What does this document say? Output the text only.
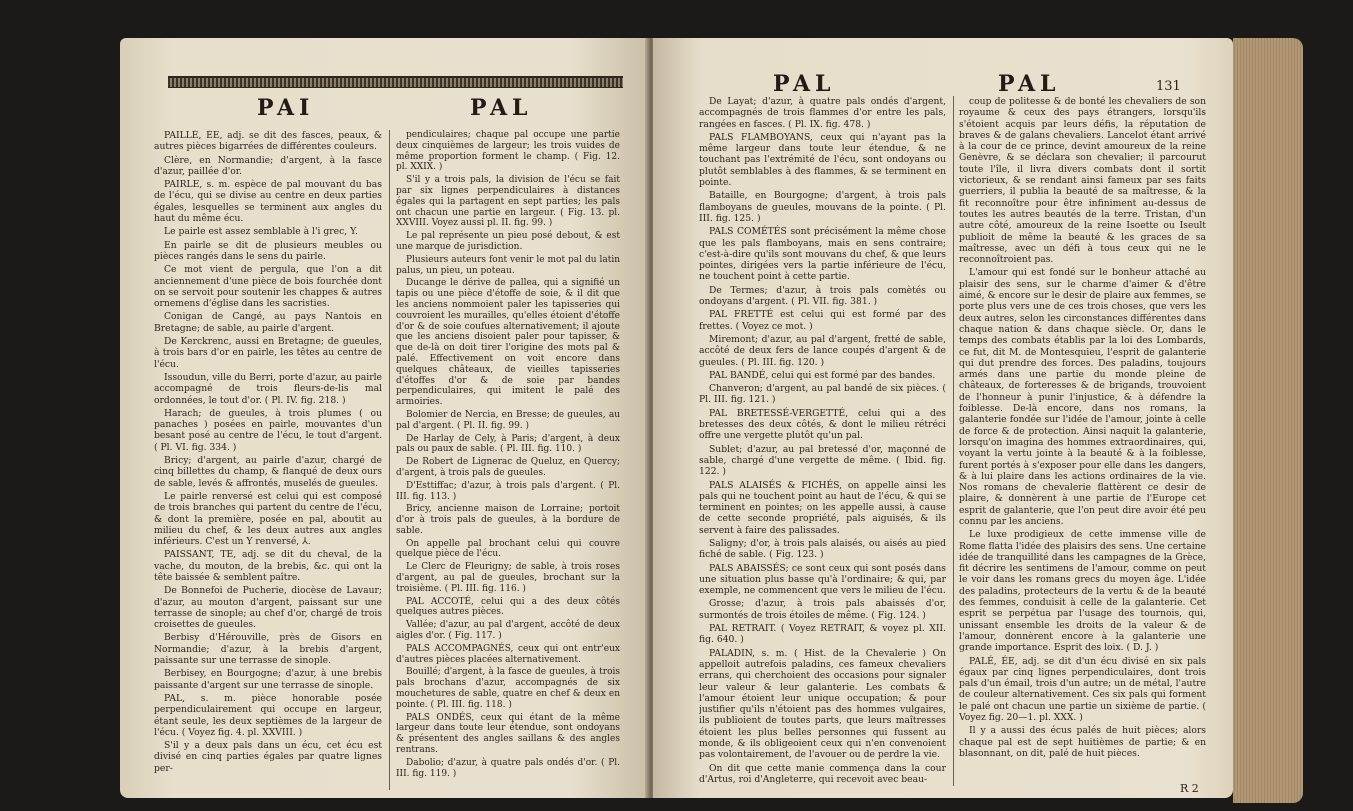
PAI	PAL

PAILLÉ, ÉE, adj. se dit des fasces, peaux, & autres pièces bigarrées de différentes couleurs.

Clère, en Normandie; d'argent, à la fasce d'azur, paillée d'or.

PAIRLE, s. m. espèce de pal mouvant du bas de l'écu, qui se divise au centre en deux parties égales, lesquelles se terminent aux angles du haut du même écu.

Le pairle est assez semblable à l'i grec, Y.

En pairle se dit de plusieurs meubles ou pièces rangés dans le sens du pairle.

Ce mot vient de pergula, que l'on a dit anciennement d'une pièce de bois fourchée dont on se servoit pour soutenir les chappes & autres ornemens d'église dans les sacristies.

Conigan de Cangé, au pays Nantois en Bretagne; de sable, au pairle d'argent.

De Kerckrenc, aussi en Bretagne; de gueules, à trois bars d'or en pairle, les têtes au centre de l'écu.

Issoudun, ville du Berri, porte d'azur, au pairle accompagné de trois fleurs-de-lis mal ordonnées, le tout d'or. ( Pl. IV. fig. 218. )

Harach; de gueules, à trois plumes ( ou panaches ) posées en pairle, mouvantes d'un besant posé au centre de l'écu, le tout d'argent. ( Pl. VI. fig. 334. )

Bricy; d'argent, au pairle d'azur, chargé de cinq billettes du champ, & flanqué de deux ours de sable, levés & affrontés, muselés de gueules.

Le pairle renversé est celui qui est composé de trois branches qui partent du centre de l'écu, & dont la première, posée en pal, aboutit au milieu du chef, & les deux autres aux angles inférieurs. C'est un Y renversé, ⅄.

PAISSANT, TE, adj. se dit du cheval, de la vache, du mouton, de la brebis, &c. qui ont la tête baissée & semblent paître.

De Bonnefoi de Pucherie, diocèse de Lavaur; d'azur, au mouton d'argent, paissant sur une terrasse de sinople; au chef d'or, chargé de trois croisettes de gueules.

Berbisy d'Hérouville, près de Gisors en Normandie; d'azur, à la brebis d'argent, paissante sur une terrasse de sinople.

Berbisey, en Bourgogne; d'azur, à une brebis paissante d'argent sur une terrasse de sinople.

PAL, s. m. pièce honorable posée perpendiculairement qui occupe en largeur, étant seule, les deux septièmes de la largeur de l'écu. ( Voyez fig. 4. pl. XXVIII. )

S'il y a deux pals dans un écu, cet écu est divisé en cinq parties égales par quatre lignes per-

pendiculaires; chaque pal occupe une partie deux cinquièmes de largeur; les trois vuides de même proportion forment le champ. ( Fig. 12. pl. XXIX. )

S'il y a trois pals, la division de l'écu se fait par six lignes perpendiculaires à distances égales qui la partagent en sept parties; les pals ont chacun une partie en largeur. ( Fig. 13. pl. XXVIII. Voyez aussi pl. II. fig. 99. )

Le pal représente un pieu posé debout, & est une marque de jurisdiction.

Plusieurs auteurs font venir le mot pal du latin palus, un pieu, un poteau.

Ducange le dérive de pallea, qui a signifié un tapis ou une pièce d'étoffe de soie, & il dit que les anciens nommoient paler les tapisseries qui couvroient les murailles, qu'elles étoient d'étoffe d'or & de soie coufues alternativement; il ajoute que les anciens disoient paler pour tapisser, & que de-là on doit tirer l'origine des mots pal & palé. Effectivement on voit encore dans quelques châteaux, de vieilles tapisseries d'étoffes d'or & de soie par bandes perpendiculaires, qui imitent le palé des armoiries.

Bolomier de Nercia, en Bresse; de gueules, au pal d'argent. ( Pl. II. fig. 99. )

De Harlay de Cely, à Paris; d'argent, à deux pals ou paux de sable. ( Pl. III. fig. 110. )

De Robert de Lignerac de Queluz, en Quercy; d'argent, à trois pals de gueules.

D'Esttiffac; d'azur, à trois pals d'argent. ( Pl. III. fig. 113. )

Bricy, ancienne maison de Lorraine; portoit d'or à trois pals de gueules, à la bordure de sable.

On appelle pal brochant celui qui couvre quelque pièce de l'écu.

Le Clerc de Fleurigny; de sable, à trois roses d'argent, au pal de gueules, brochant sur la troisième. ( Pl. III. fig. 116. )

PAL ACCOTÉ, celui qui a des deux côtés quelques autres pièces.

Vallée; d'azur, au pal d'argent, accôté de deux aigles d'or. ( Fig. 117. )

PALS ACCOMPAGNÉS, ceux qui ont entr'eux d'autres pièces placées alternativement.

Bouillé; d'argent, à la fasce de gueules, à trois pals brochans d'azur, accompagnés de six mouchetures de sable, quatre en chef & deux en pointe. ( Pl. III. fig. 118. )

PALS ONDÉS, ceux qui étant de la même largeur dans toute leur étendue, sont ondoyans & présentent des angles saillans & des angles rentrans.

Dabolio; d'azur, à quatre pals ondés d'or. ( Pl. III. fig. 119. )

PAL	PAL	131

De Layat; d'azur, à quatre pals ondés d'argent, accompagnés de trois flammes d'or entre les pals, rangées en fasces. ( Pl. IX. fig. 478. )

PALS FLAMBOYANS, ceux qui n'ayant pas la même largeur dans toute leur étendue, & ne touchant pas l'extrémité de l'écu, sont ondoyans ou plutôt semblables à des flammes, & se terminent en pointe.

Bataille, en Bourgogne; d'argent, à trois pals flamboyans de gueules, mouvans de la pointe. ( Pl. III. fig. 125. )

PALS COMÉTÉS sont précisément la même chose que les pals flamboyans, mais en sens contraire; c'est-à-dire qu'ils sont mouvans du chef, & que leurs pointes, dirigées vers la partie inférieure de l'écu, ne touchent point à cette partie.

De Termes; d'azur, à trois pals comètés ou ondoyans d'argent. ( Pl. VII. fig. 381. )

PAL FRETTÉ est celui qui est formé par des frettes. ( Voyez ce mot. )

Miremont; d'azur, au pal d'argent, fretté de sable, accôté de deux fers de lance coupés d'argent & de gueules. ( Pl. III. fig. 120. )

PAL BANDÉ, celui qui est formé par des bandes.

Chanveron; d'argent, au pal bandé de six pièces. ( Pl. III. fig. 121. )

PAL BRETESSÉ-VERGETTÉ, celui qui a des bretesses des deux côtés, & dont le milieu rétréci offre une vergette plutôt qu'un pal.

Sublet; d'azur, au pal bretessé d'or, maçonné de sable, chargé d'une vergette de même. ( Ibid. fig. 122. )

PALS ALAISÉS & FICHÉS, on appelle ainsi les pals qui ne touchent point au haut de l'écu, & qui se terminent en pointes; on les appelle aussi, à cause de cette seconde propriété, pals aiguisés, & ils servent à faire des palissades.

Saligny; d'or, à trois pals alaisés, ou aisés au pied fiché de sable. ( Fig. 123. )

PALS ABAISSÉS; ce sont ceux qui sont posés dans une situation plus basse qu'à l'ordinaire; & qui, par exemple, ne commencent que vers le milieu de l'écu.

Grosse; d'azur, à trois pals abaissés d'or, surmontés de trois étoiles de même. ( Fig. 124. )

PAL RETRAIT. ( Voyez RETRAIT, & voyez pl. XII. fig. 640. )

PALADIN, s. m. ( Hist. de la Chevalerie ) On appelloit autrefois paladins, ces fameux chevaliers errans, qui cherchoient des occasions pour signaler leur valeur & leur galanterie. Les combats & l'amour étoient leur unique occupation; & pour justifier qu'ils n'étoient pas des hommes vulgaires, ils publioient de toutes parts, que leurs maîtresses étoient les plus belles personnes qui fussent au monde, & ils obligeoient ceux qui n'en convenoient pas volontairement, de l'avouer ou de perdre la vie.

On dit que cette manie commença dans la cour d'Artus, roi d'Angleterre, qui recevoit avec beau-

coup de politesse & de bonté les chevaliers de son royaume & ceux des pays étrangers, lorsqu'ils s'étoient acquis par leurs défis, la réputation de braves & de galans chevaliers. Lancelot étant arrivé à la cour de ce prince, devint amoureux de la reine Genèvre, & se déclara son chevalier; il parcourut toute l'île, il livra divers combats dont il sortit victorieux, & se rendant ainsi fameux par ses faits guerriers, il publia la beauté de sa maîtresse, & la fit reconnoître pour être infiniment au-dessus de toutes les autres beautés de la terre. Tristan, d'un autre côté, amoureux de la reine Isoette ou Iseult publioit de même la beauté & les graces de sa maîtresse, avec un défi à tous ceux qui ne le reconnoîtroient pas.

L'amour qui est fondé sur le bonheur attaché au plaisir des sens, sur le charme d'aimer & d'être aimé, & encore sur le desir de plaire aux femmes, se porte plus vers une de ces trois choses, que vers les deux autres, selon les circonstances différentes dans chaque nation & dans chaque siècle. Or, dans le temps des combats établis par la loi des Lombards, ce fut, dit M. de Montesquieu, l'esprit de galanterie qui dut prendre des forces. Des paladins, toujours armés dans une partie du monde pleine de châteaux, de forteresses & de brigands, trouvoient de l'honneur à punir l'injustice, & à défendre la foiblesse. De-là encore, dans nos romans, la galanterie fondée sur l'idée de l'amour, jointe à celle de force & de protection. Ainsi naquit la galanterie, lorsqu'on imagina des hommes extraordinaires, qui, voyant la vertu jointe à la beauté & à la foiblesse, furent portés à s'exposer pour elle dans les dangers, & à lui plaire dans les actions ordinaires de la vie. Nos romans de chevalerie flattèrent ce desir de plaire, & donnèrent à une partie de l'Europe cet esprit de galanterie, que l'on peut dire avoir été peu connu par les anciens.

Le luxe prodigieux de cette immense ville de Rome flatta l'idée des plaisirs des sens. Une certaine idée de tranquillité dans les campagnes de la Grèce, fit décrire les sentimens de l'amour, comme on peut le voir dans les romans grecs du moyen âge. L'idée des paladins, protecteurs de la vertu & de la beauté des femmes, conduisit à celle de la galanterie. Cet esprit se perpétua par l'usage des tournois, qui, unissant ensemble les droits de la valeur & de l'amour, donnèrent encore à la galanterie une grande importance. Esprit des loix. ( D. J. )

PALÉ, ÉE, adj. se dit d'un écu divisé en six pals égaux par cinq lignes perpendiculaires, dont trois pals d'un émail, trois d'un autre; un de métal, l'autre de couleur alternativement. Ces six pals qui forment le palé ont chacun une partie un sixième de partie. ( Voyez fig. 20—1. pl. XXX. )

Il y a aussi des écus palés de huit pièces; alors chaque pal est de sept huitièmes de partie; & en blasonnant, on dit, palé de huit pièces.

R 2
